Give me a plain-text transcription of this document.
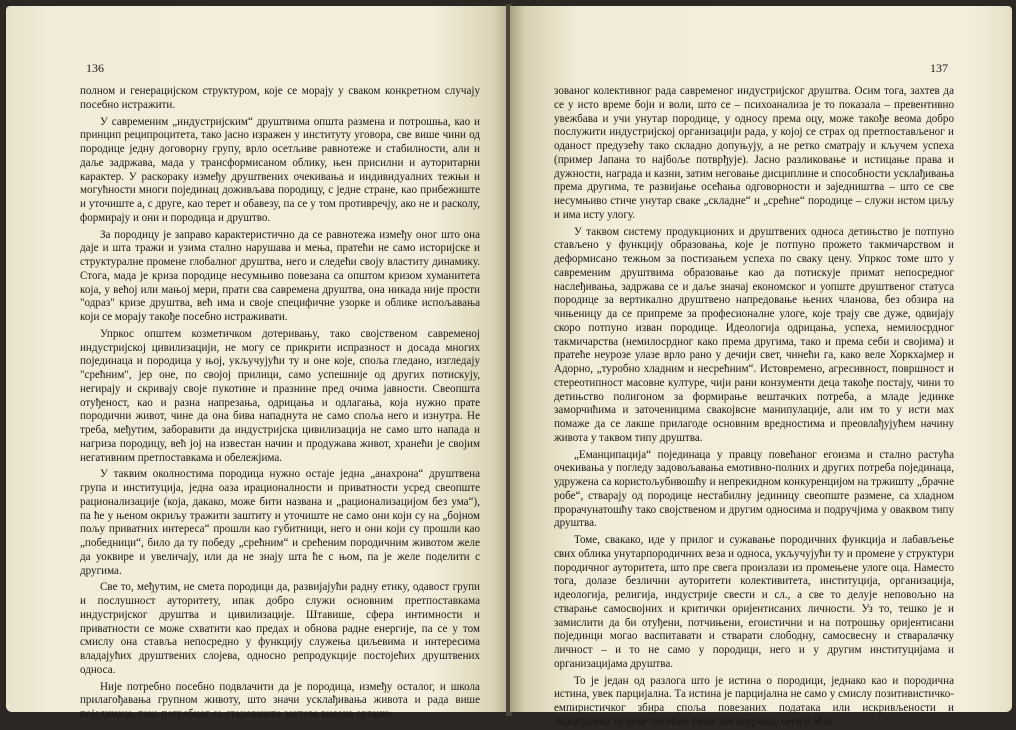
136

полном и генерацијском структуром, које се морају у сваком конкретном случају посебно истражити.

У савременим „индустријским“ друштвима општа размена и потрошња, као и принцип реципроцитета, тако јасно изражен у институту уговора, све више чини од породице једну договорну групу, врло осетљиве равнотеже и стабилности, али и даље задржава, мада у трансформисаном облику, њен присилни и ауторитарни карактер. У раскораку између друштвених очекивања и индивидуалних тежњи и могућности многи појединац доживљава породицу, с једне стране, као прибежиште и уточиште а, с друге, као терет и обавезу, па се у том противречју, ако не и расколу, формирају и они и породица и друштво.

За породицу је заправо карактеристично да се равнотежа између оног што она даје и шта тражи и узима стално нарушава и мења, пратећи не само историјске и структуралне промене глобалног друштва, него и следећи своју властиту динамику. Стога, мада је криза породице несумњиво повезана са општом кризом хуманитета која, у већој или мањој мери, прати сва савремена друштва, она никада није прости "одраз" кризе друштва, већ има и своје специфичне узорке и облике испољавања који се морају такође посебно истраживати.

Упркос општем козметичком дотеривању, тако својственом савременој индустријској цивилизацији, не могу се прикрити испразност и досада многих појединаца и породица у њој, укључујући ту и оне које, споља гледано, изгледају "срећним", јер оне, по својој прилици, само успешније од других потискују, негирају и скривају своје пукотине и празнине пред очима јавности. Свеопшта отуђеност, као и разна напрезања, одрицања и одлагања, која нужно прате породични живот, чине да она бива нападнута не само споља него и изнутра. Не треба, међутим, заборавити да индустријска цивилизација не само што напада и нагриза породицу, већ јој на известан начин и продужава живот, хранећи је својим негативним претпоставкама и обележјима.

У таквим околностима породица нужно остаје једна „анахрона“ друштвена група и институција, једна оаза ирационалности и приватности усред свеопште рационализације (која, дакако, може бити названа и „рационализацијом без ума“), па ће у њеном окриљу тражити заштиту и уточиште не само они који су на „бојном пољу приватних интереса“ прошли као губитници, него и они који су прошли као „победници“, било да ту победу „срећним“ и срећеним породичним животом желе да уоквире и увеличају, или да не знају шта ће с њом, па је желе поделити с другима.

Све то, међутим, не смета породици да, развијајући радну етику, одавост групи и послушност ауторитету, ипак добро служи основним претпоставкама индустријског друштва и цивилизације. Штавише, сфера интимности и приватности се може схватити као предах и обнова радне енергије, па се у том смислу она ставља непосредно у функцију служења циљевима и интересима владајућих друштвених слојева, односно репродукције постојећих друштвених односа.

Није потребно посебно подвлачити да је породица, између осталог, и школа прилагођавања групном животу, што значи усклађивања живота и рада више појединаца, тако потребног са становишта захтева високо органи-

137

зованог колективног рада савременог индустријског друштва. Осим тога, захтев да се у исто време боји и воли, што се – психоанализа је то показала – превентивно увежбава и учи унутар породице, у односу према оцу, може такође веома добро послужити индустријској организацији рада, у којој се страх од претпостављеног и оданост предузећу тако складно допуњују, а не ретко сматрају и кључем успеха (пример Јапана то најбоље потврђује). Јасно разликовање и истицање права и дужности, награда и казни, затим неговање дисциплине и способности усклађивања према другима, те развијање осећања одговорности и заједништва – што се све несумњиво стиче унутар сваке „складне“ и „срећне“ породице – служи истом циљу и има исту улогу.

У таквом систему продукционих и друштвених односа детињство је потпуно стављено у функцију образовања, које је потпуно прожето такмичарством и деформисано тежњом за постизањем успеха по сваку цену. Упркос томе што у савременим друштвима образовање као да потискује примат непосредног наслеђивања, задржава се и даље значај економског и уопште друштвеног статуса породице за вертикално друштвено напредовање њених чланова, без обзира на чињеницу да се припреме за професионалне улоге, које трају све дуже, одвијају скоро потпуно изван породице. Идеологија одрицања, успеха, немилосрдног такмичарства (немилосрдног како према другима, тако и према себи и својима) и пратеће неурозе улазе врло рано у дечији свет, чинећи га, како веле Хоркхајмер и Адорно, „туробно хладним и несрећним“. Истовремено, агресивност, површност и стереотипност масовне културе, чији рани конзументи деца такође постају, чини то детињство полигоном за формирање вештачких потреба, а младе јединке заморчићима и заточеницима свакојвсне манипулације, али им то у исти мах помаже да се лакше прилагоде основним вредностима и преовлађујућем начину живота у таквом типу друштва.

„Еманципација“ појединаца у правцу повећаног егоизма и стално растућа очекивања у погледу задовољавања емотивно-полних и других потреба појединаца, удружена са користољубивошћу и непрекидном конкуренцијом на тржишту „брачне робе“, стварају од породице нестабилну јединицу свеопште размене, са хладном прорачунатошћу тако својственом и другим односима и подручјима у оваквом типу друштва.

Томе, свакако, иде у прилог и сужавање породичних функција и лабављење свих облика унутарпородичних веза и односа, укључујући ту и промене у структури породичног ауторитета, што пре свега произлази из промењене улоге оца. Наместо тога, долазе безлични ауторитети колективитета, институција, организација, идеологија, религија, индустрије свести и сл., а све то делује неповољно на стварање самосвојних и критички оријентисаних личности. Уз то, тешко је и замислити да би отуђени, потчињени, егоистични и на потрошњу оријентисани појединци могао васпитавати и стварати слободну, самосвесну и стваралачку личност – и то не само у породици, него и у другим институцијама и организацијама друштва.

То је један од разлога што је истина о породици, једнако као и породична истина, увек парцијална. Та истина је парцијална не само у смислу позитивистичко-емпиристичког збира споља повезаних података или искривљености и парцијалности неке посебне тачке посматрања, него и због
